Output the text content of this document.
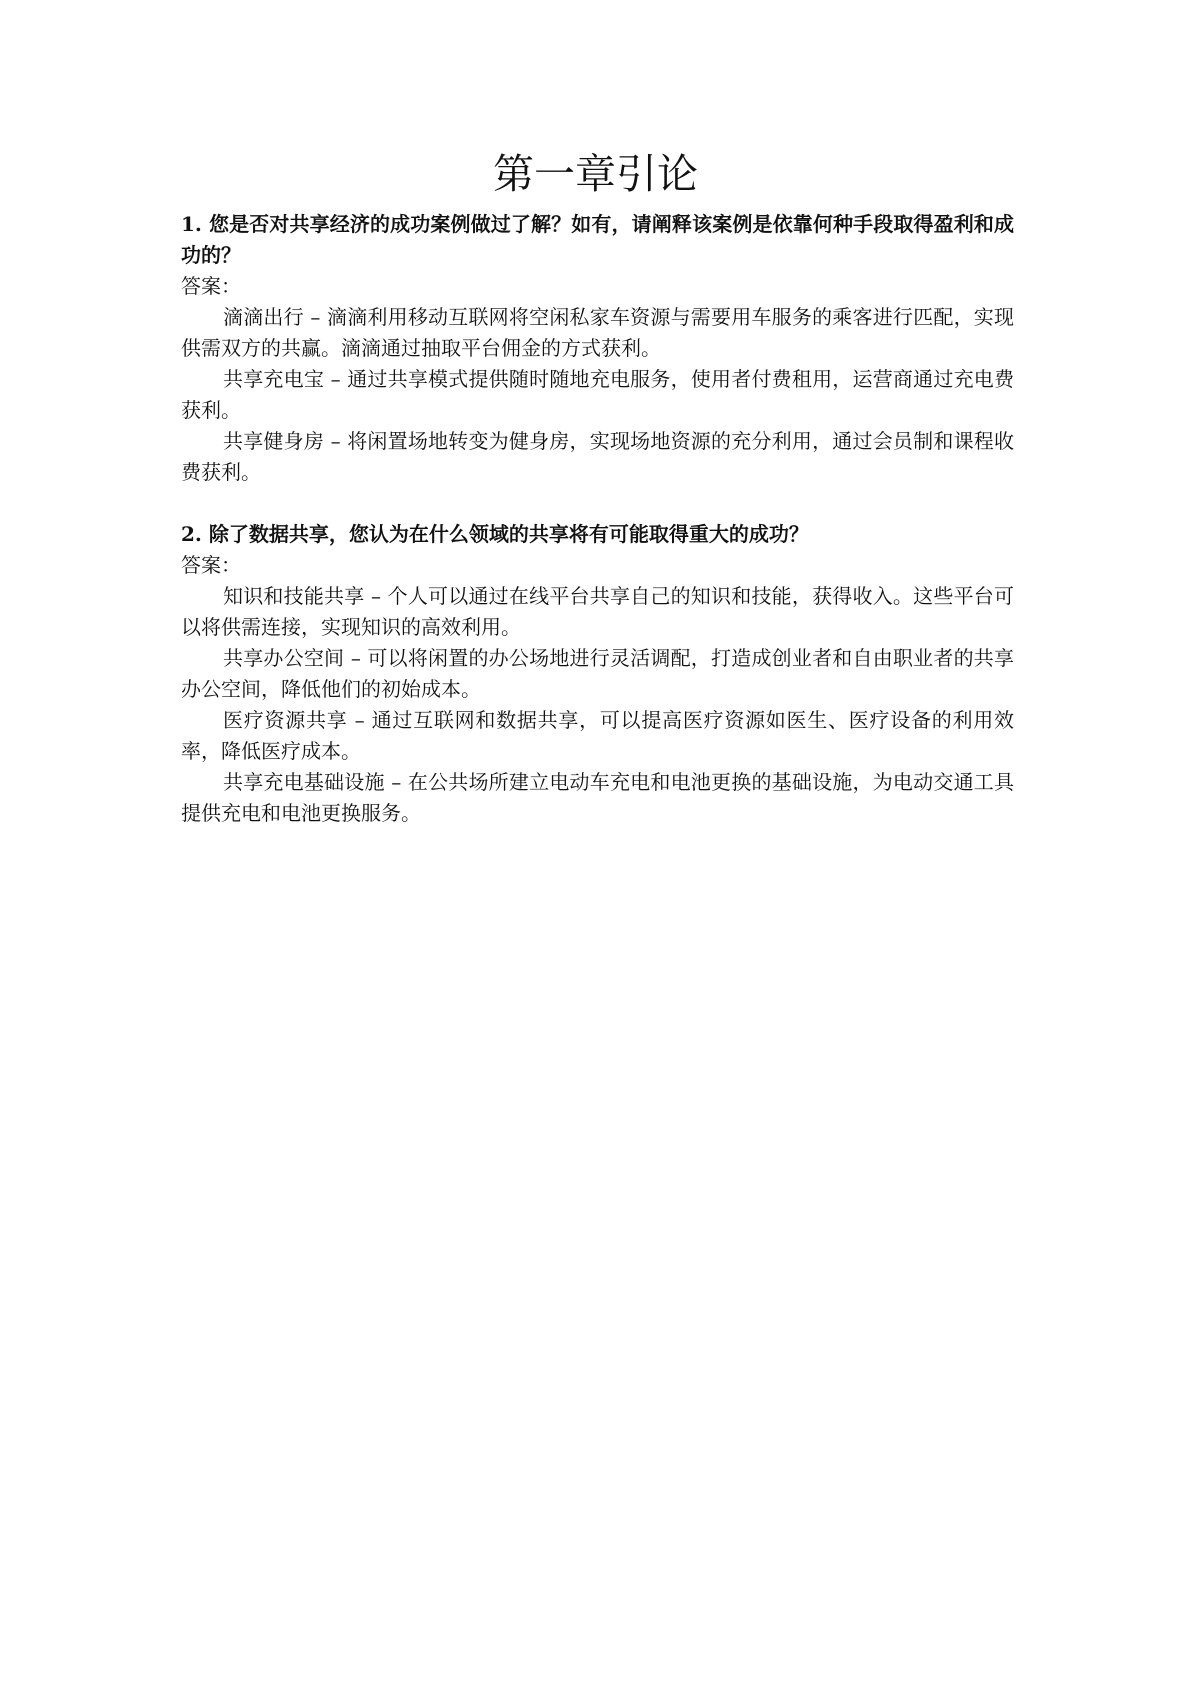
第一章引论

1. 您是否对共享经济的成功案例做过了解？如有，请阐释该案例是依靠何种手段取得盈利和成功的？

答案：

滴滴出行 – 滴滴利用移动互联网将空闲私家车资源与需要用车服务的乘客进行匹配，实现供需双方的共赢。滴滴通过抽取平台佣金的方式获利。

共享充电宝 – 通过共享模式提供随时随地充电服务，使用者付费租用，运营商通过充电费获利。

共享健身房 – 将闲置场地转变为健身房，实现场地资源的充分利用，通过会员制和课程收费获利。

2. 除了数据共享，您认为在什么领域的共享将有可能取得重大的成功？

答案：

知识和技能共享 – 个人可以通过在线平台共享自己的知识和技能，获得收入。这些平台可以将供需连接，实现知识的高效利用。

共享办公空间 – 可以将闲置的办公场地进行灵活调配，打造成创业者和自由职业者的共享办公空间，降低他们的初始成本。

医疗资源共享 – 通过互联网和数据共享，可以提高医疗资源如医生、医疗设备的利用效率，降低医疗成本。

共享充电基础设施 – 在公共场所建立电动车充电和电池更换的基础设施，为电动交通工具提供充电和电池更换服务。
